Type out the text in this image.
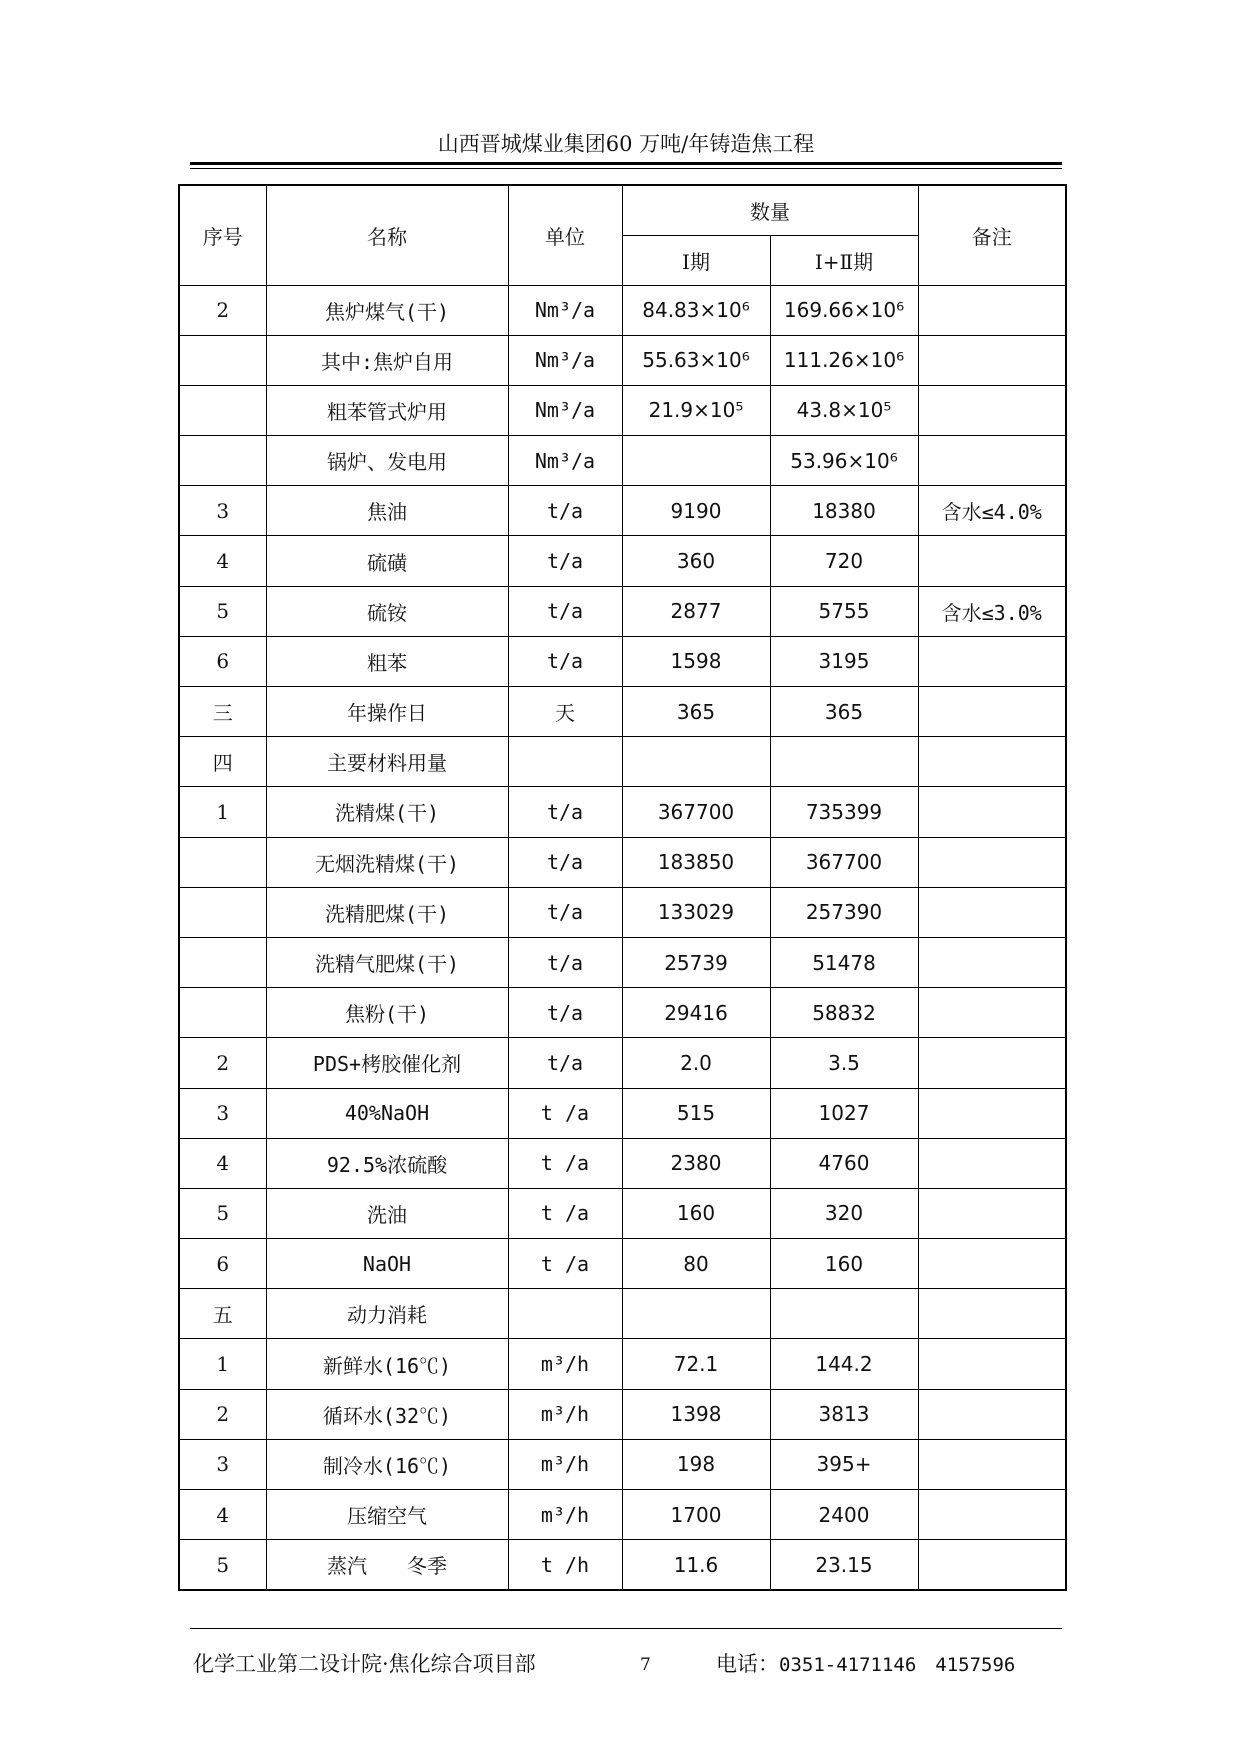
山西晋城煤业集团60 万吨/年铸造焦工程
序号	名称	单位	数量		备注
			Ⅰ期	Ⅰ+Ⅱ期	
2	焦炉煤气(干)	Nm³/a	84.83×10⁶	169.66×10⁶	
	其中:焦炉自用	Nm³/a	55.63×10⁶	111.26×10⁶	
	粗苯管式炉用	Nm³/a	21.9×10⁵	43.8×10⁵	
	锅炉、发电用	Nm³/a		53.96×10⁶	
3	焦油	t/a	9190	18380	含水≤4.0%
4	硫磺	t/a	360	720	
5	硫铵	t/a	2877	5755	含水≤3.0%
6	粗苯	t/a	1598	3195	
三	年操作日	天	365	365	
四	主要材料用量				
1	洗精煤(干)	t/a	367700	735399	
	无烟洗精煤(干)	t/a	183850	367700	
	洗精肥煤(干)	t/a	133029	257390	
	洗精气肥煤(干)	t/a	25739	51478	
	焦粉(干)	t/a	29416	58832	
2	PDS+栲胶催化剂	t/a	2.0	3.5	
3	40%NaOH	t /a	515	1027	
4	92.5%浓硫酸	t /a	2380	4760	
5	洗油	t /a	160	320	
6	NaOH	t /a	80	160	
五	动力消耗				
1	新鲜水(16℃)	m³/h	72.1	144.2	
2	循环水(32℃)	m³/h	1398	3813	
3	制冷水(16℃)	m³/h	198	395+	
4	压缩空气	m³/h	1700	2400	
5	蒸汽　　冬季	t /h	11.6	23.15	
化学工业第二设计院·焦化综合项目部	7	电话：0351-4171146　4157596
